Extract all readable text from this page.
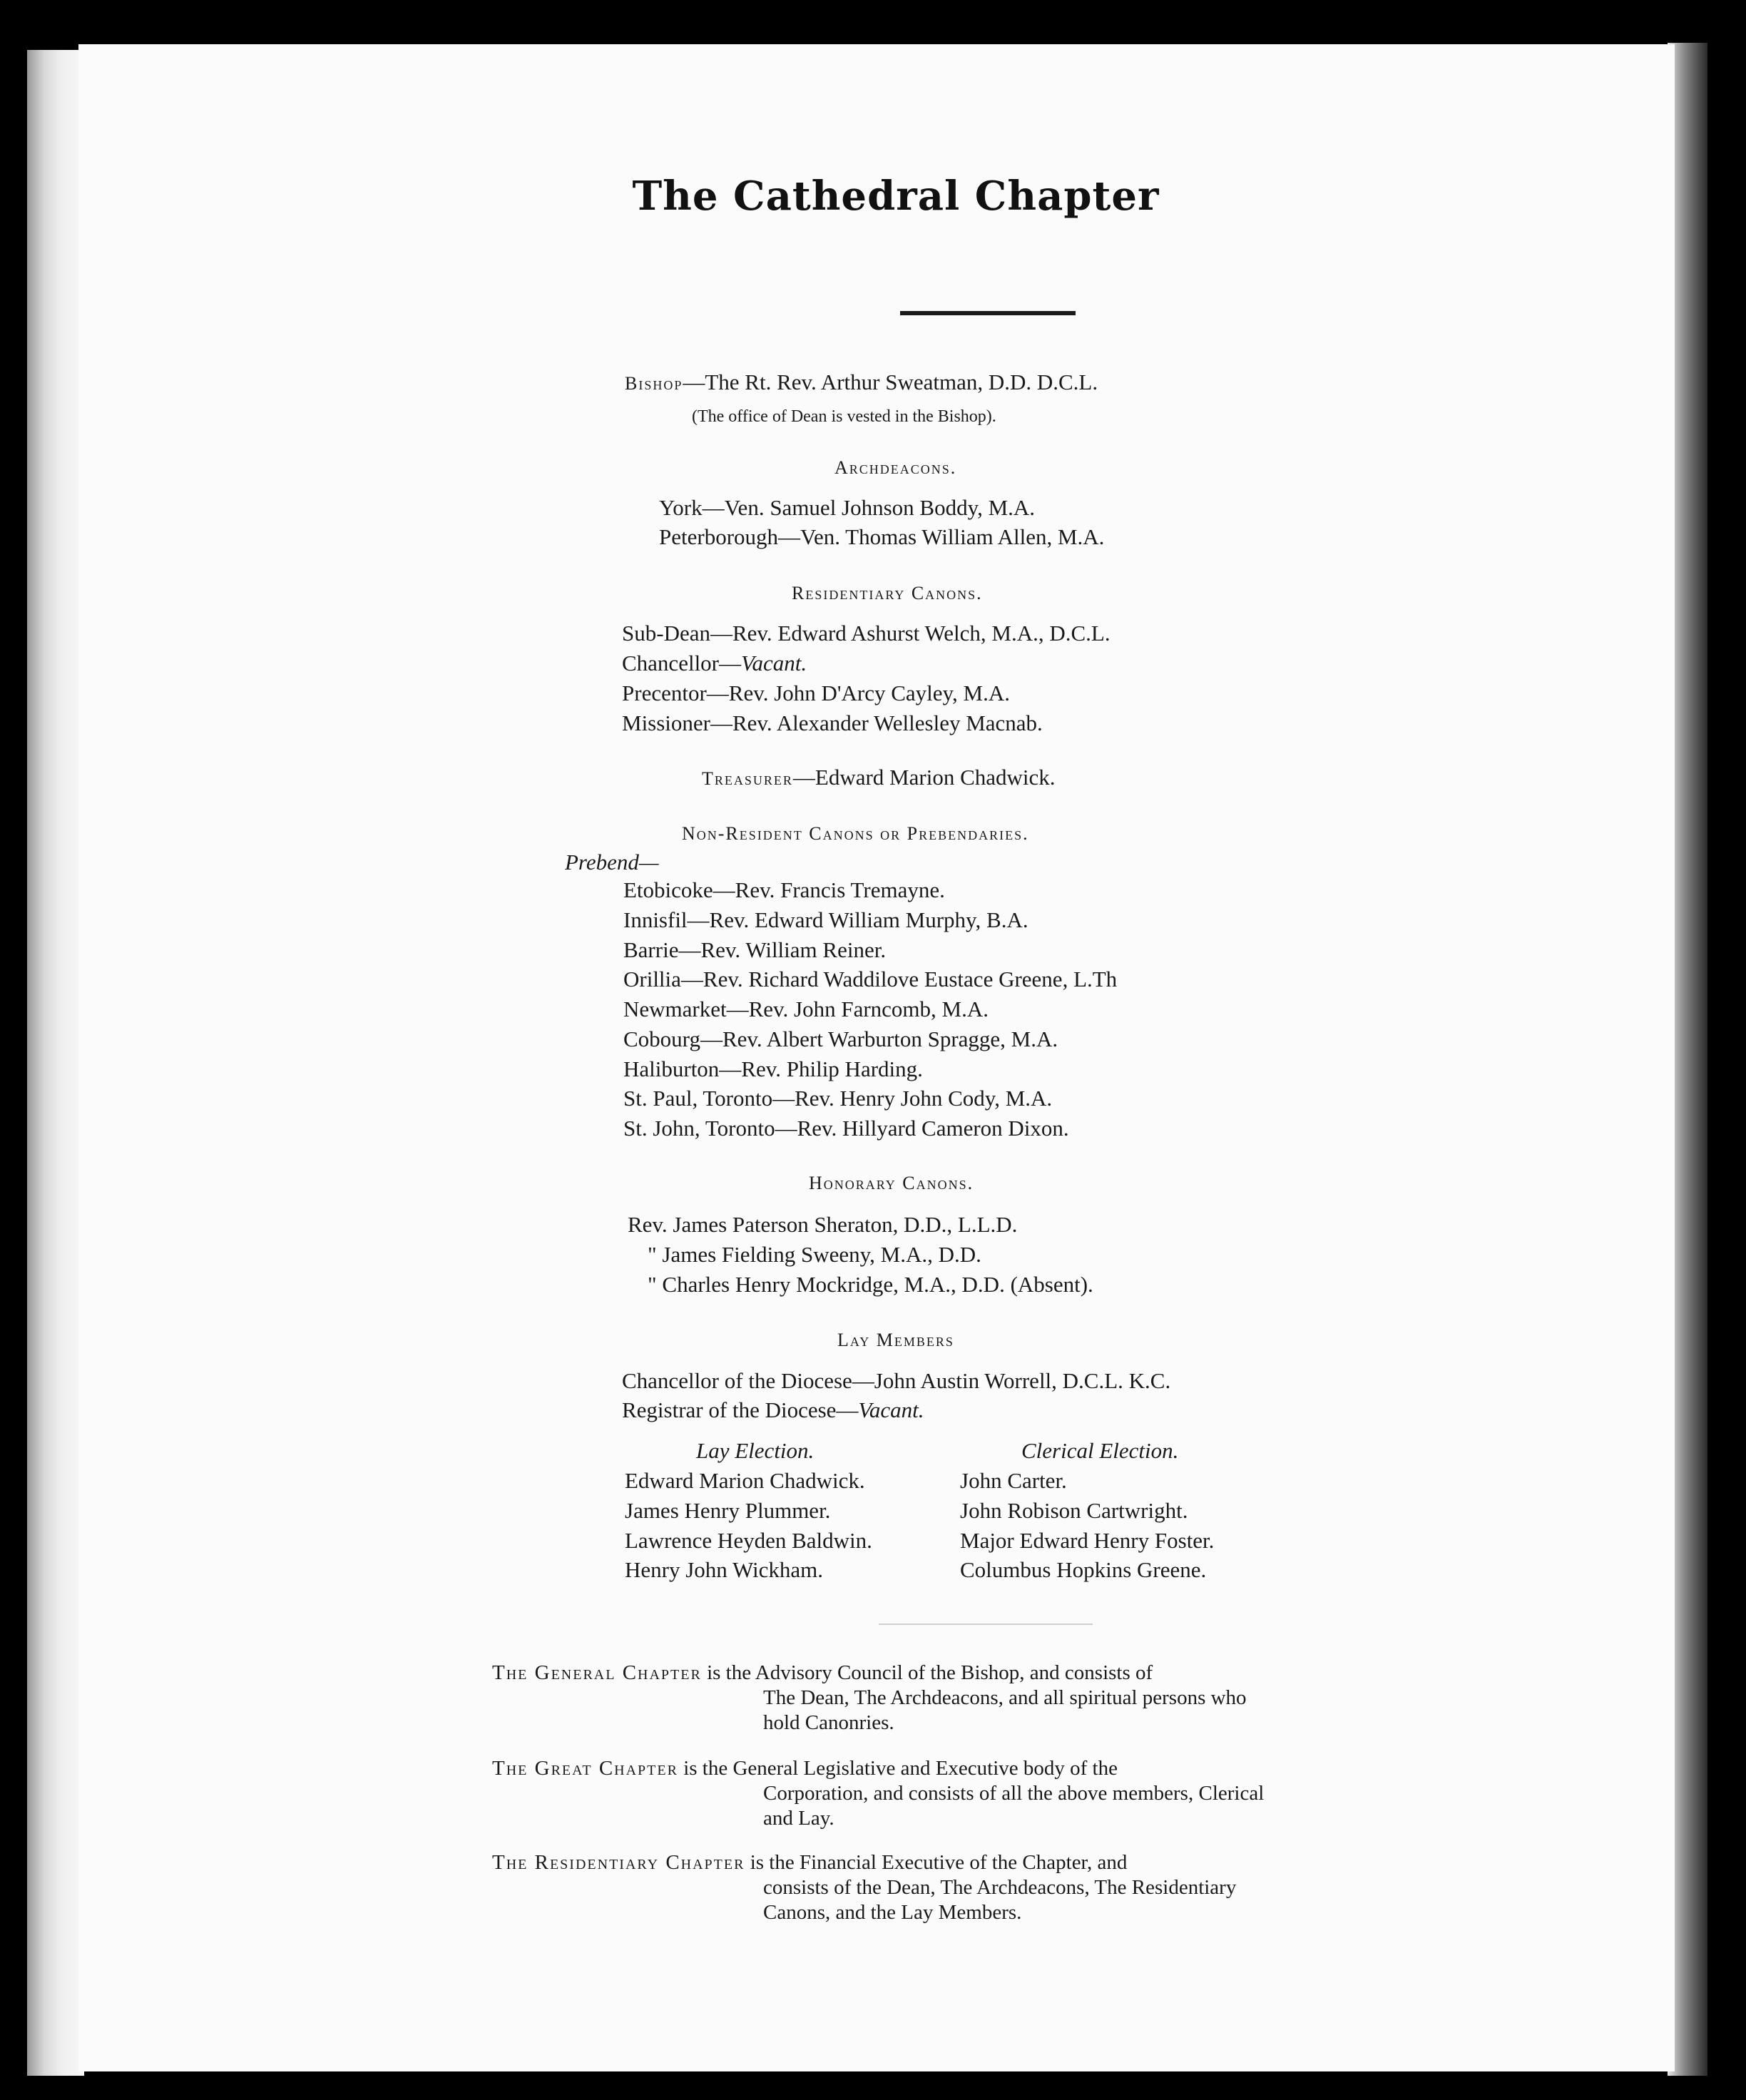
The Cathedral Chapter
Bishop—The Rt. Rev. Arthur Sweatman, D.D. D.C.L.
(The office of Dean is vested in the Bishop).
Archdeacons.
York—Ven. Samuel Johnson Boddy, M.A.
Peterborough—Ven. Thomas William Allen, M.A.
Residentiary Canons.
Sub-Dean—Rev. Edward Ashurst Welch, M.A., D.C.L.
Chancellor—Vacant.
Precentor—Rev. John D'Arcy Cayley, M.A.
Missioner—Rev. Alexander Wellesley Macnab.
Treasurer—Edward Marion Chadwick.
Non-Resident Canons or Prebendaries.
Prebend—
Etobicoke—Rev. Francis Tremayne.
Innisfil—Rev. Edward William Murphy, B.A.
Barrie—Rev. William Reiner.
Orillia—Rev. Richard Waddilove Eustace Greene, L.Th
Newmarket—Rev. John Farncomb, M.A.
Cobourg—Rev. Albert Warburton Spragge, M.A.
Haliburton—Rev. Philip Harding.
St. Paul, Toronto—Rev. Henry John Cody, M.A.
St. John, Toronto—Rev. Hillyard Cameron Dixon.
Honorary Canons.
Rev. James Paterson Sheraton, D.D., L.L.D.
" James Fielding Sweeny, M.A., D.D.
" Charles Henry Mockridge, M.A., D.D. (Absent).
Lay Members
Chancellor of the Diocese—John Austin Worrell, D.C.L. K.C.
Registrar of the Diocese—Vacant.
Lay Election.
Edward Marion Chadwick.
James Henry Plummer.
Lawrence Heyden Baldwin.
Henry John Wickham.
Clerical Election.
John Carter.
John Robison Cartwright.
Major Edward Henry Foster.
Columbus Hopkins Greene.
The General Chapter is the Advisory Council of the Bishop, and consists of
The Dean, The Archdeacons, and all spiritual persons who
hold Canonries.
The Great Chapter is the General Legislative and Executive body of the
Corporation, and consists of all the above members, Clerical
and Lay.
The Residentiary Chapter is the Financial Executive of the Chapter, and
consists of the Dean, The Archdeacons, The Residentiary
Canons, and the Lay Members.
